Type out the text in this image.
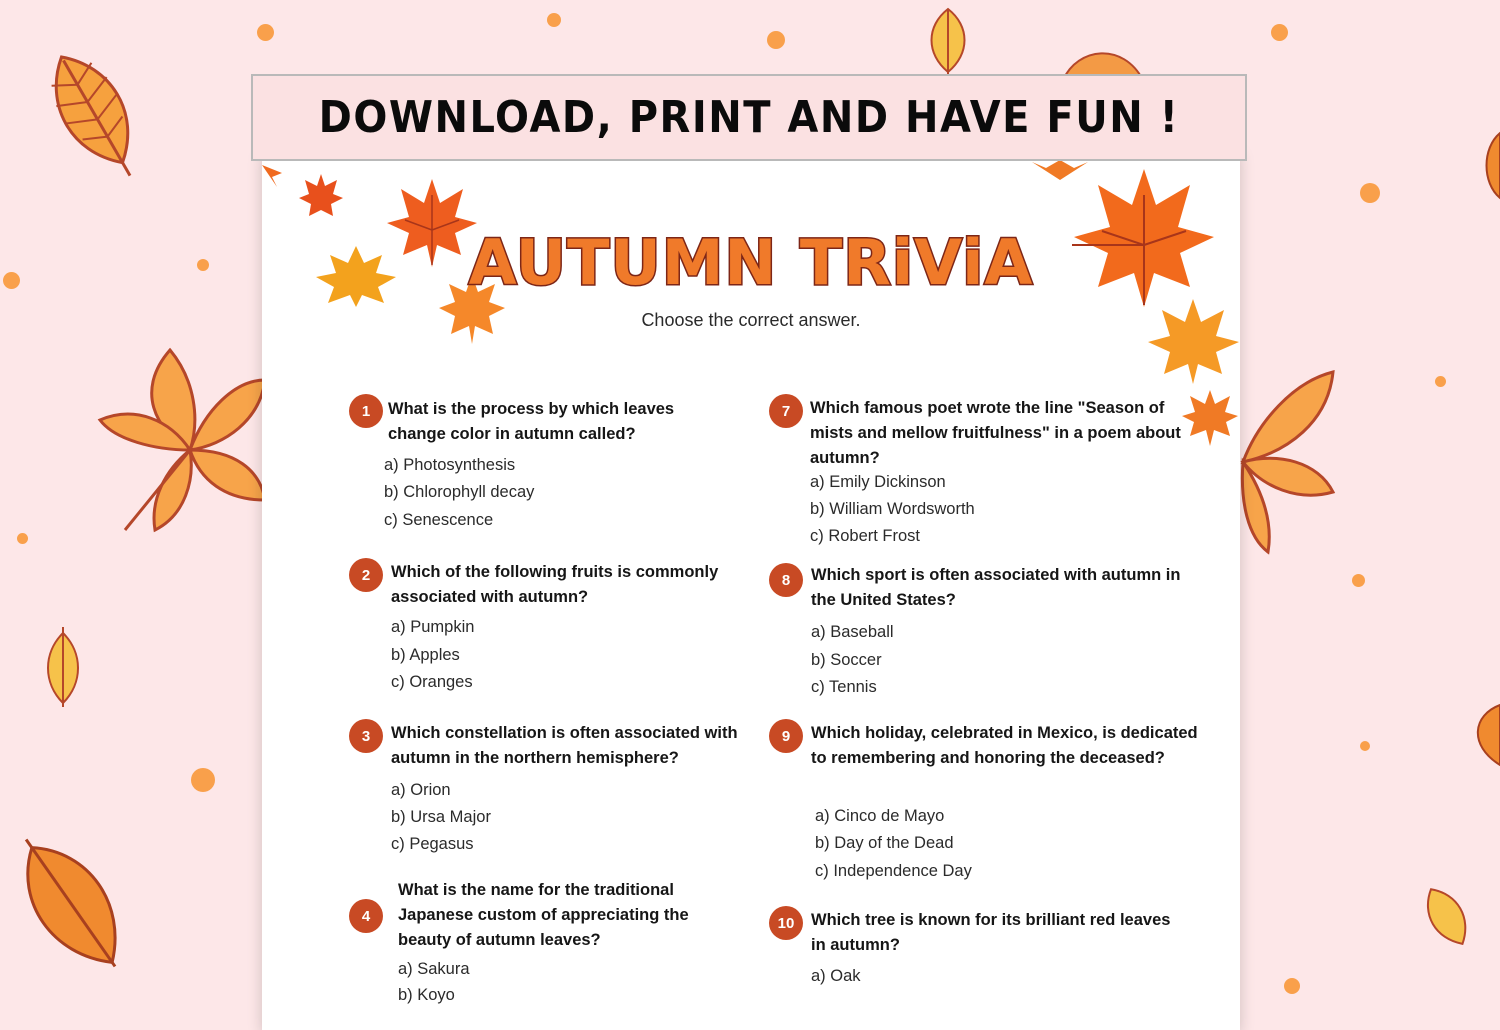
DOWNLOAD, PRINT AND HAVE FUN !
AUTUMN TRiViA
Choose the correct answer.
1	What is the process by which leaves change color in autumn called?
a) Photosynthesis
b) Chlorophyll decay
c) Senescence
2	Which of the following fruits is commonly associated with autumn?
a) Pumpkin
b) Apples
c) Oranges
3	Which constellation is often associated with autumn in the northern hemisphere?
a) Orion
b) Ursa Major
c) Pegasus
4
What is the name for the traditional Japanese custom of appreciating the beauty of autumn leaves?
a) Sakura
b) Koyo
7	Which famous poet wrote the line "Season of mists and mellow fruitfulness" in a poem about autumn?
a) Emily Dickinson
b) William Wordsworth
c) Robert Frost
8	Which sport is often associated with autumn in the United States?
a) Baseball
b) Soccer
c) Tennis
9	Which holiday, celebrated in Mexico, is dedicated to remembering and honoring the deceased?
a) Cinco de Mayo
b) Day of the Dead
c) Independence Day
10	Which tree is known for its brilliant red leaves in autumn?
a) Oak
